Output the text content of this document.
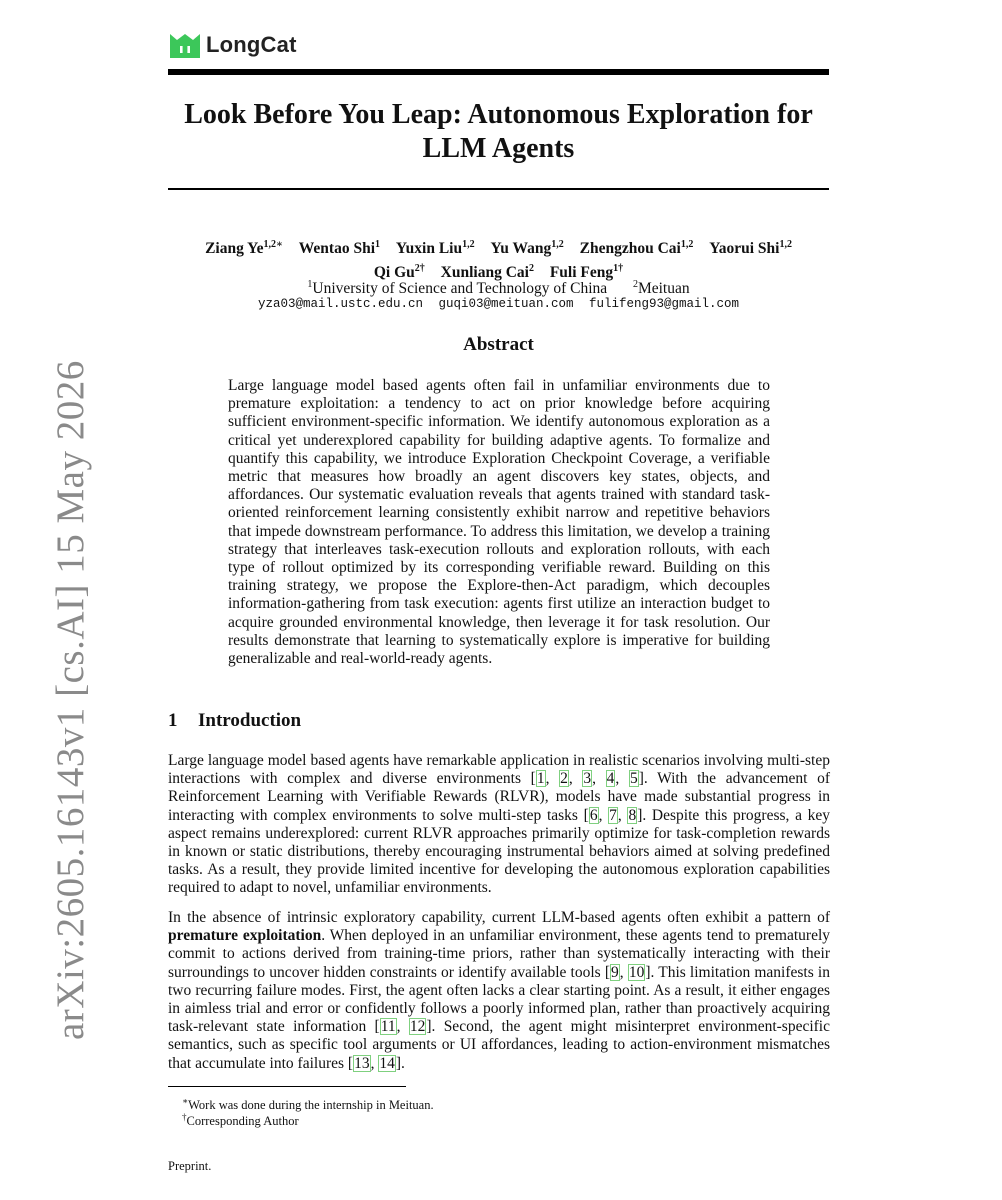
LongCat
Look Before You Leap: Autonomous Exploration for
LLM Agents
Ziang $Ye^{1,2∗}$ Wentao Shi$^1$ Yuxin Liu$^{1,2}$ Yu Wang$^{1,2}$ Zhengzhou Cai$^{1,2}$ Yaorui Shi$^{1,2}$
Qi $Gu^{2\dagger}$ Xunliang Cai$^2$ Fuli Feng$^{1\dagger}$
$^1$University of Science and Technology of China	$^2$Meituan
yza03@mail.ustc.edu.cn guqi03@meituan.com fulifeng93@gmail.com
Abstract

Large language model based agents often fail in unfamiliar environments due to premature exploitation: a tendency to act on prior knowledge before acquiring sufficient environment-specific information. We identify autonomous exploration as a critical yet underexplored capability for building adaptive agents. To formalize and quantify this capability, we introduce Exploration Checkpoint Coverage, a verifiable metric that measures how broadly an agent discovers key states, objects, and affordances. Our systematic evaluation reveals that agents trained with standard task-oriented reinforcement learning consistently exhibit narrow and repetitive behaviors that impede downstream performance. To address this limitation, we develop a training strategy that interleaves task-execution rollouts and exploration rollouts, with each type of rollout optimized by its corresponding verifiable reward. Building on this training strategy, we propose the Explore-then-Act paradigm, which decouples information-gathering from task execution: agents first utilize an interaction budget to acquire grounded environmental knowledge, then leverage it for task resolution. Our results demonstrate that learning to systematically explore is imperative for building generalizable and real-world-ready agents.

1 Introduction

Large language model based agents have remarkable application in realistic scenarios involving multi-step interactions with complex and diverse environments [1, 2, 3, 4, 5]. With the advancement of Reinforcement Learning with Verifiable Rewards (RLVR), models have made substantial progress in interacting with complex environments to solve multi-step tasks [6, 7, 8]. Despite this progress, a key aspect remains underexplored: current RLVR approaches primarily optimize for task-completion rewards in known or static distributions, thereby encouraging instrumental behaviors aimed at solving predefined tasks. As a result, they provide limited incentive for developing the autonomous exploration capabilities required to adapt to novel, unfamiliar environments.

In the absence of intrinsic exploratory capability, current LLM-based agents often exhibit a pattern of premature exploitation. When deployed in an unfamiliar environment, these agents tend to prematurely commit to actions derived from training-time priors, rather than systematically interacting with their surroundings to uncover hidden constraints or identify available tools [9, 10]. This limitation manifests in two recurring failure modes. First, the agent often lacks a clear starting point. As a result, it either engages in aimless trial and error or confidently follows a poorly informed plan, rather than proactively acquiring task-relevant state information [11, 12]. Second, the agent might misinterpret environment-specific semantics, such as specific tool arguments or UI affordances, leading to action-environment mismatches that accumulate into failures [13, 14].

arXiv:2605.16143v1 [cs.AI] 15 May 2026
∗Work was done during the internship in Meituan.
†Corresponding Author
Preprint.
